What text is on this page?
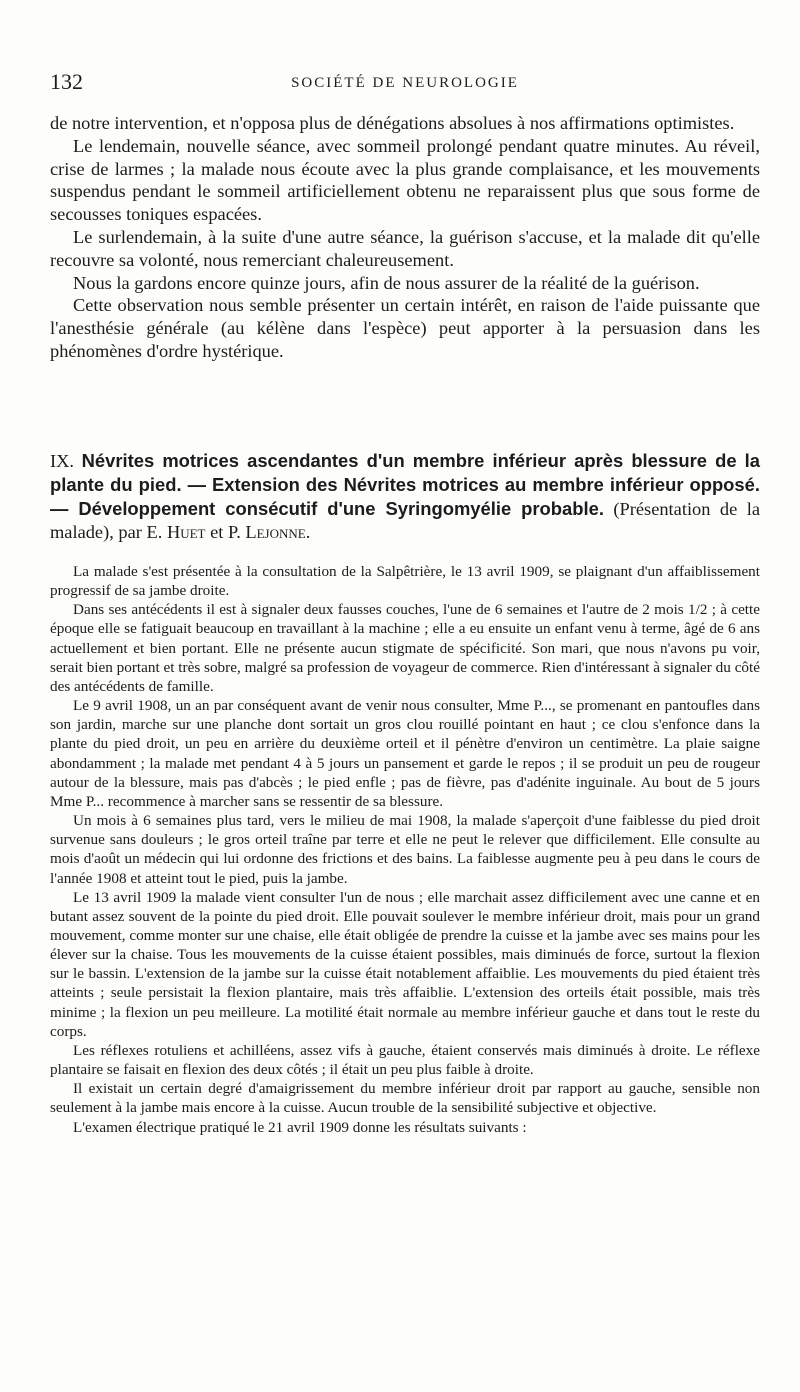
132	SOCIÉTÉ DE NEUROLOGIE

de notre intervention, et n'opposa plus de dénégations absolues à nos affirmations optimistes.

Le lendemain, nouvelle séance, avec sommeil prolongé pendant quatre minutes. Au réveil, crise de larmes ; la malade nous écoute avec la plus grande complaisance, et les mouvements suspendus pendant le sommeil artificiellement obtenu ne reparaissent plus que sous forme de secousses toniques espacées.

Le surlendemain, à la suite d'une autre séance, la guérison s'accuse, et la malade dit qu'elle recouvre sa volonté, nous remerciant chaleureusement.

Nous la gardons encore quinze jours, afin de nous assurer de la réalité de la guérison.

Cette observation nous semble présenter un certain intérêt, en raison de l'aide puissante que l'anesthésie générale (au kélène dans l'espèce) peut apporter à la persuasion dans les phénomènes d'ordre hystérique.

IX. Névrites motrices ascendantes d'un membre inférieur après blessure de la plante du pied. — Extension des Névrites motrices au membre inférieur opposé. — Développement consécutif d'une Syringomyélie probable. (Présentation de la malade), par E. Huet et P. Lejonne.

La malade s'est présentée à la consultation de la Salpêtrière, le 13 avril 1909, se plaignant d'un affaiblissement progressif de sa jambe droite.

Dans ses antécédents il est à signaler deux fausses couches, l'une de 6 semaines et l'autre de 2 mois 1/2 ; à cette époque elle se fatiguait beaucoup en travaillant à la machine ; elle a eu ensuite un enfant venu à terme, âgé de 6 ans actuellement et bien portant. Elle ne présente aucun stigmate de spécificité. Son mari, que nous n'avons pu voir, serait bien portant et très sobre, malgré sa profession de voyageur de commerce. Rien d'intéressant à signaler du côté des antécédents de famille.

Le 9 avril 1908, un an par conséquent avant de venir nous consulter, Mme P..., se promenant en pantoufles dans son jardin, marche sur une planche dont sortait un gros clou rouillé pointant en haut ; ce clou s'enfonce dans la plante du pied droit, un peu en arrière du deuxième orteil et il pénètre d'environ un centimètre. La plaie saigne abondamment ; la malade met pendant 4 à 5 jours un pansement et garde le repos ; il se produit un peu de rougeur autour de la blessure, mais pas d'abcès ; le pied enfle ; pas de fièvre, pas d'adénite inguinale. Au bout de 5 jours Mme P... recommence à marcher sans se ressentir de sa blessure.

Un mois à 6 semaines plus tard, vers le milieu de mai 1908, la malade s'aperçoit d'une faiblesse du pied droit survenue sans douleurs ; le gros orteil traîne par terre et elle ne peut le relever que difficilement. Elle consulte au mois d'août un médecin qui lui ordonne des frictions et des bains. La faiblesse augmente peu à peu dans le cours de l'année 1908 et atteint tout le pied, puis la jambe.

Le 13 avril 1909 la malade vient consulter l'un de nous ; elle marchait assez difficilement avec une canne et en butant assez souvent de la pointe du pied droit. Elle pouvait soulever le membre inférieur droit, mais pour un grand mouvement, comme monter sur une chaise, elle était obligée de prendre la cuisse et la jambe avec ses mains pour les élever sur la chaise. Tous les mouvements de la cuisse étaient possibles, mais diminués de force, surtout la flexion sur le bassin. L'extension de la jambe sur la cuisse était notablement affaiblie. Les mouvements du pied étaient très atteints ; seule persistait la flexion plantaire, mais très affaiblie. L'extension des orteils était possible, mais très minime ; la flexion un peu meilleure. La motilité était normale au membre inférieur gauche et dans tout le reste du corps.

Les réflexes rotuliens et achilléens, assez vifs à gauche, étaient conservés mais diminués à droite. Le réflexe plantaire se faisait en flexion des deux côtés ; il était un peu plus faible à droite.

Il existait un certain degré d'amaigrissement du membre inférieur droit par rapport au gauche, sensible non seulement à la jambe mais encore à la cuisse. Aucun trouble de la sensibilité subjective et objective.

L'examen électrique pratiqué le 21 avril 1909 donne les résultats suivants :
